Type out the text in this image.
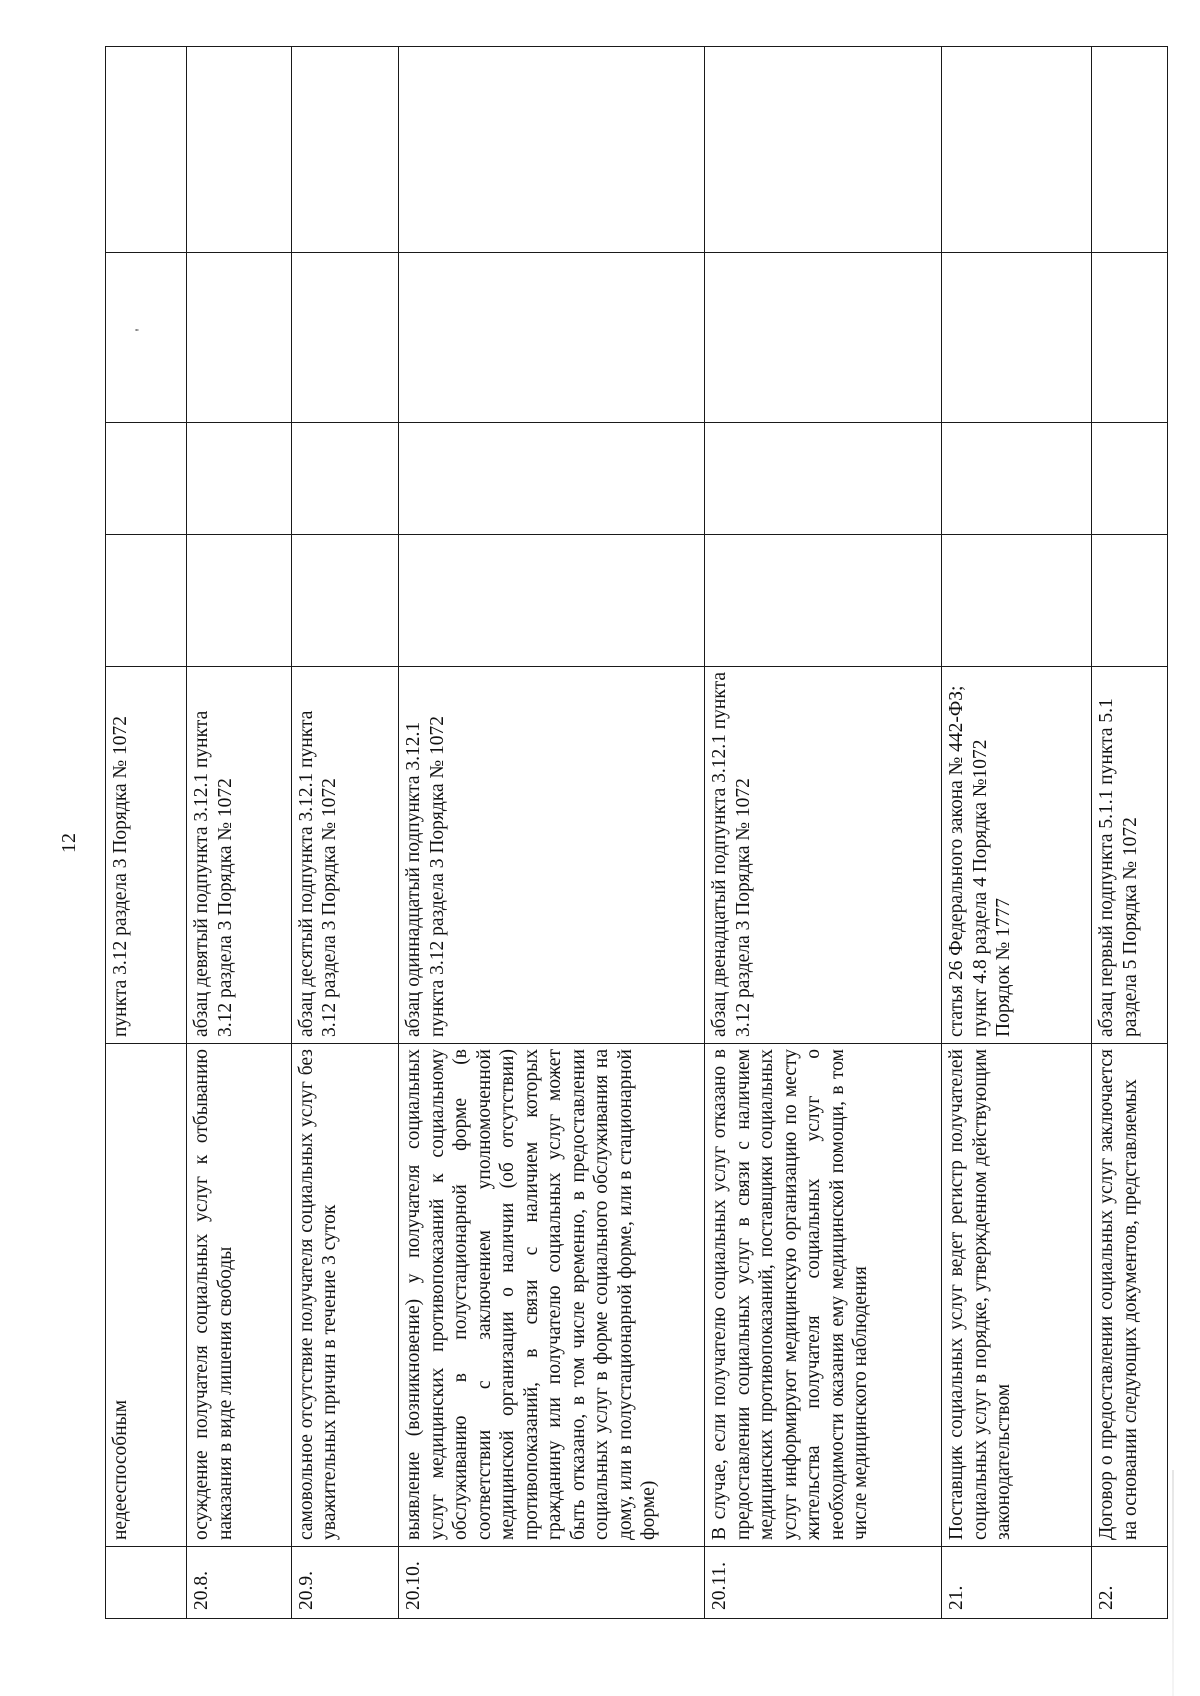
12
'
	недееспособным	пункта 3.12 раздела 3 Порядка № 1072				
20.8.	осуждение получателя социальных услуг к отбыванию наказания в виде лишения свободы	абзац девятый подпункта 3.12.1 пункта 3.12 раздела 3 Порядка № 1072				
20.9.	самовольное отсутствие получателя социальных услуг без уважительных причин в течение 3 суток	абзац десятый подпункта 3.12.1 пункта 3.12 раздела 3 Порядка № 1072				
20.10.	выявление (возникновение) у получателя социальных услуг медицинских противопоказаний к социальному обслуживанию в полустационарной форме (в соответствии с заключением уполномоченной медицинской организации о наличии (об отсутствии) противопоказаний, в связи с наличием которых гражданину или получателю социальных услуг может быть отказано, в том числе временно, в предоставлении социальных услуг в форме социального обслуживания на дому, или в полустационарной форме, или в стационарной форме)	абзац одиннадцатый подпункта 3.12.1 пункта 3.12 раздела 3 Порядка № 1072				
20.11.	В случае, если получателю социальных услуг отказано в предоставлении социальных услуг в связи с наличием медицинских противопоказаний, поставщики социальных услуг информируют медицинскую организацию по месту жительства получателя социальных услуг о необходимости оказания ему медицинской помощи, в том числе медицинского наблюдения	абзац двенадцатый подпункта 3.12.1 пункта 3.12 раздела 3 Порядка № 1072				
21.	Поставщик социальных услуг ведет регистр получателей социальных услуг в порядке, утвержденном действующим законодательством	статья 26 Федерального закона № 442-ФЗ;
пункт 4.8 раздела 4 Порядка №1072
Порядок № 1777				
22.	Договор о предоставлении социальных услуг заключается на основании следующих документов, представляемых	абзац первый подпункта 5.1.1 пункта 5.1 раздела 5 Порядка № 1072				
